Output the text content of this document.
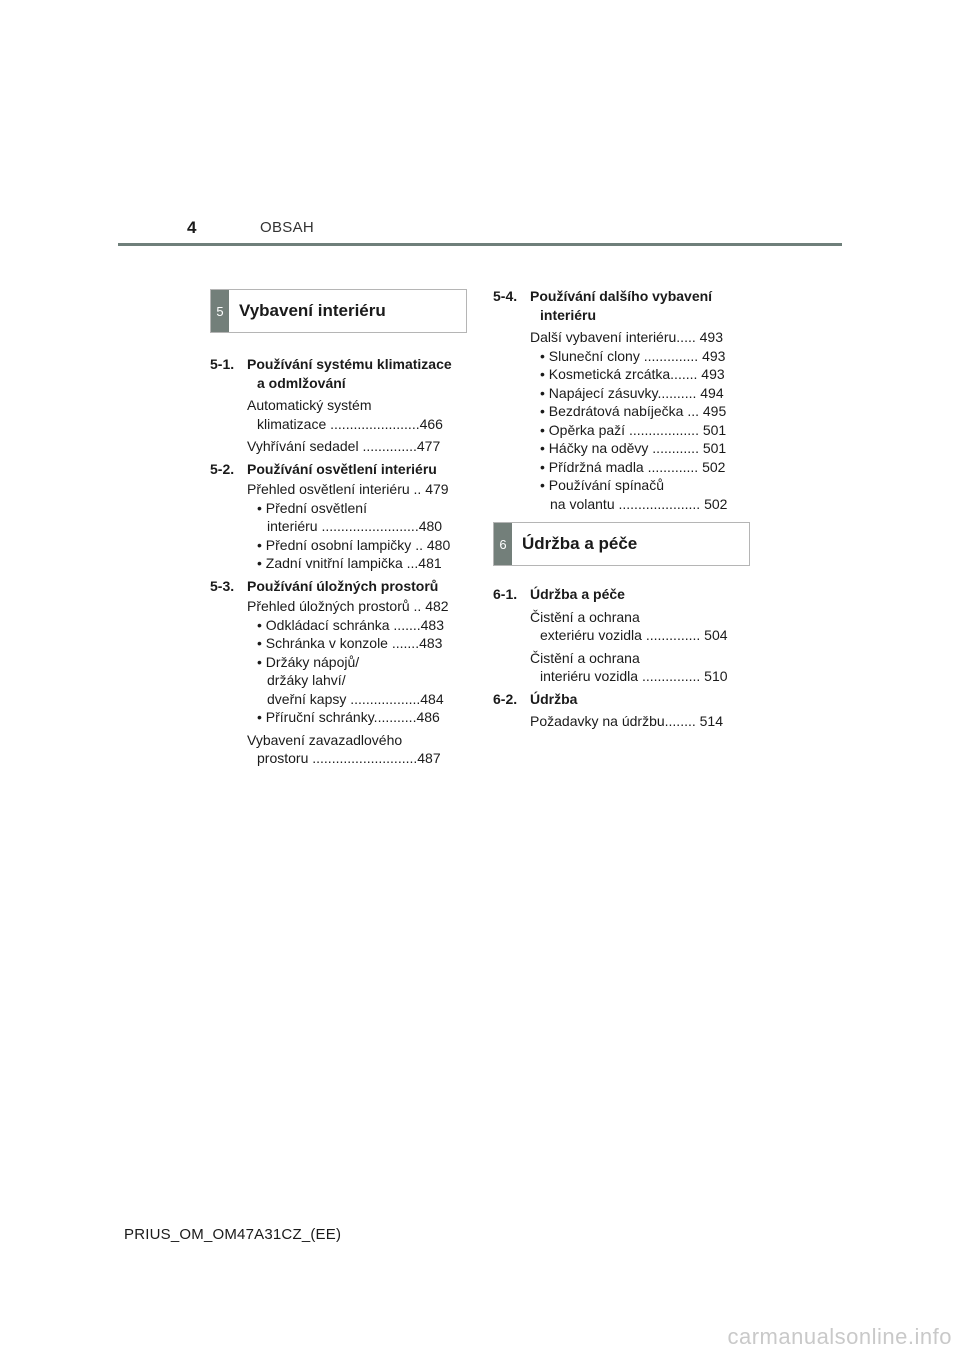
4	OBSAH
5 Vybavení interiéru
5-1. Používání systému klimatizace
a odmlžování
Automatický systém
klimatizace .......................466
Vyhřívání sedadel ..............477
5-2. Používání osvětlení interiéru
Přehled osvětlení interiéru .. 479
• Přední osvětlení
interiéru .........................480
• Přední osobní lampičky .. 480
• Zadní vnitřní lampička ...481
5-3. Používání úložných prostorů
Přehled úložných prostorů .. 482
• Odkládací schránka .......483
• Schránka v konzole .......483
• Držáky nápojů/
držáky lahví/
dveřní kapsy ..................484
• Příruční schránky...........486
Vybavení zavazadlového
prostoru ...........................487
5-4. Používání dalšího vybavení
interiéru
Další vybavení interiéru..... 493
• Sluneční clony .............. 493
• Kosmetická zrcátka....... 493
• Napájecí zásuvky.......... 494
• Bezdrátová nabíječka ... 495
• Opěrka paží .................. 501
• Háčky na oděvy ............ 501
• Přídržná madla ............. 502
• Používání spínačů
na volantu ..................... 502
6 Údržba a péče
6-1. Údržba a péče
Čistění a ochrana
exteriéru vozidla .............. 504
Čistění a ochrana
interiéru vozidla ............... 510
6-2. Údržba
Požadavky na údržbu........ 514
PRIUS_OM_OM47A31CZ_(EE)
carmanualsonline.info
